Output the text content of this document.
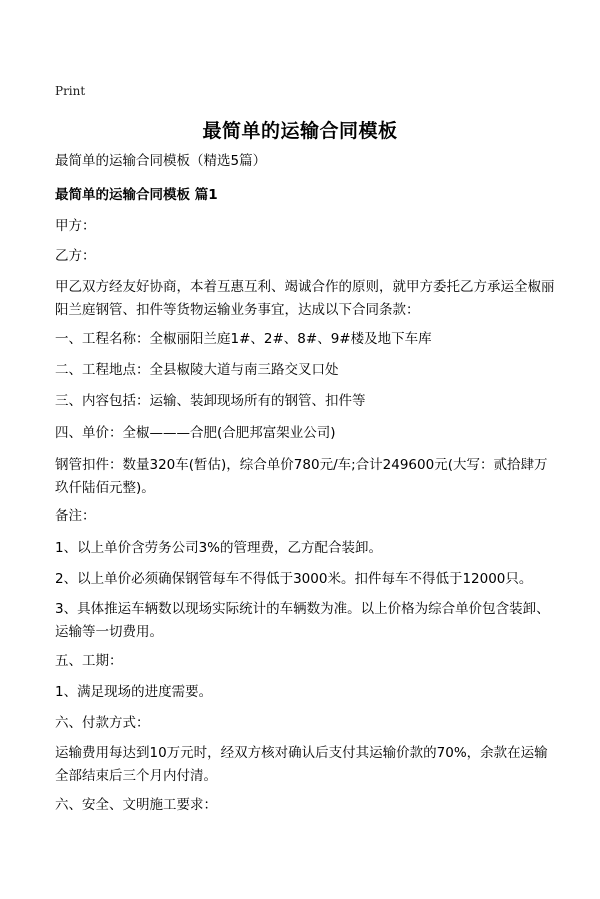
Print
最简单的运输合同模板
最简单的运输合同模板（精选5篇）
最简单的运输合同模板 篇1
甲方：
乙方：
甲乙双方经友好协商，本着互惠互利、竭诚合作的原则，就甲方委托乙方承运全椒丽阳兰庭钢管、扣件等货物运输业务事宜，达成以下合同条款：
一、工程名称：全椒丽阳兰庭1#、2#、8#、9#楼及地下车库
二、工程地点：全县椒陵大道与南三路交叉口处
三、内容包括：运输、装卸现场所有的钢管、扣件等
四、单价：全椒———合肥(合肥邦富架业公司)
钢管扣件：数量320车(暂估)，综合单价780元/车;合计249600元(大写：贰拾肆万玖仟陆佰元整)。
备注：
1、以上单价含劳务公司3%的管理费，乙方配合装卸。
2、以上单价必须确保钢管每车不得低于3000米。扣件每车不得低于12000只。
3、具体推运车辆数以现场实际统计的车辆数为准。以上价格为综合单价包含装卸、运输等一切费用。
五、工期：
1、满足现场的进度需要。
六、付款方式：
运输费用每达到10万元时，经双方核对确认后支付其运输价款的70%，余款在运输全部结束后三个月内付清。
六、安全、文明施工要求：
